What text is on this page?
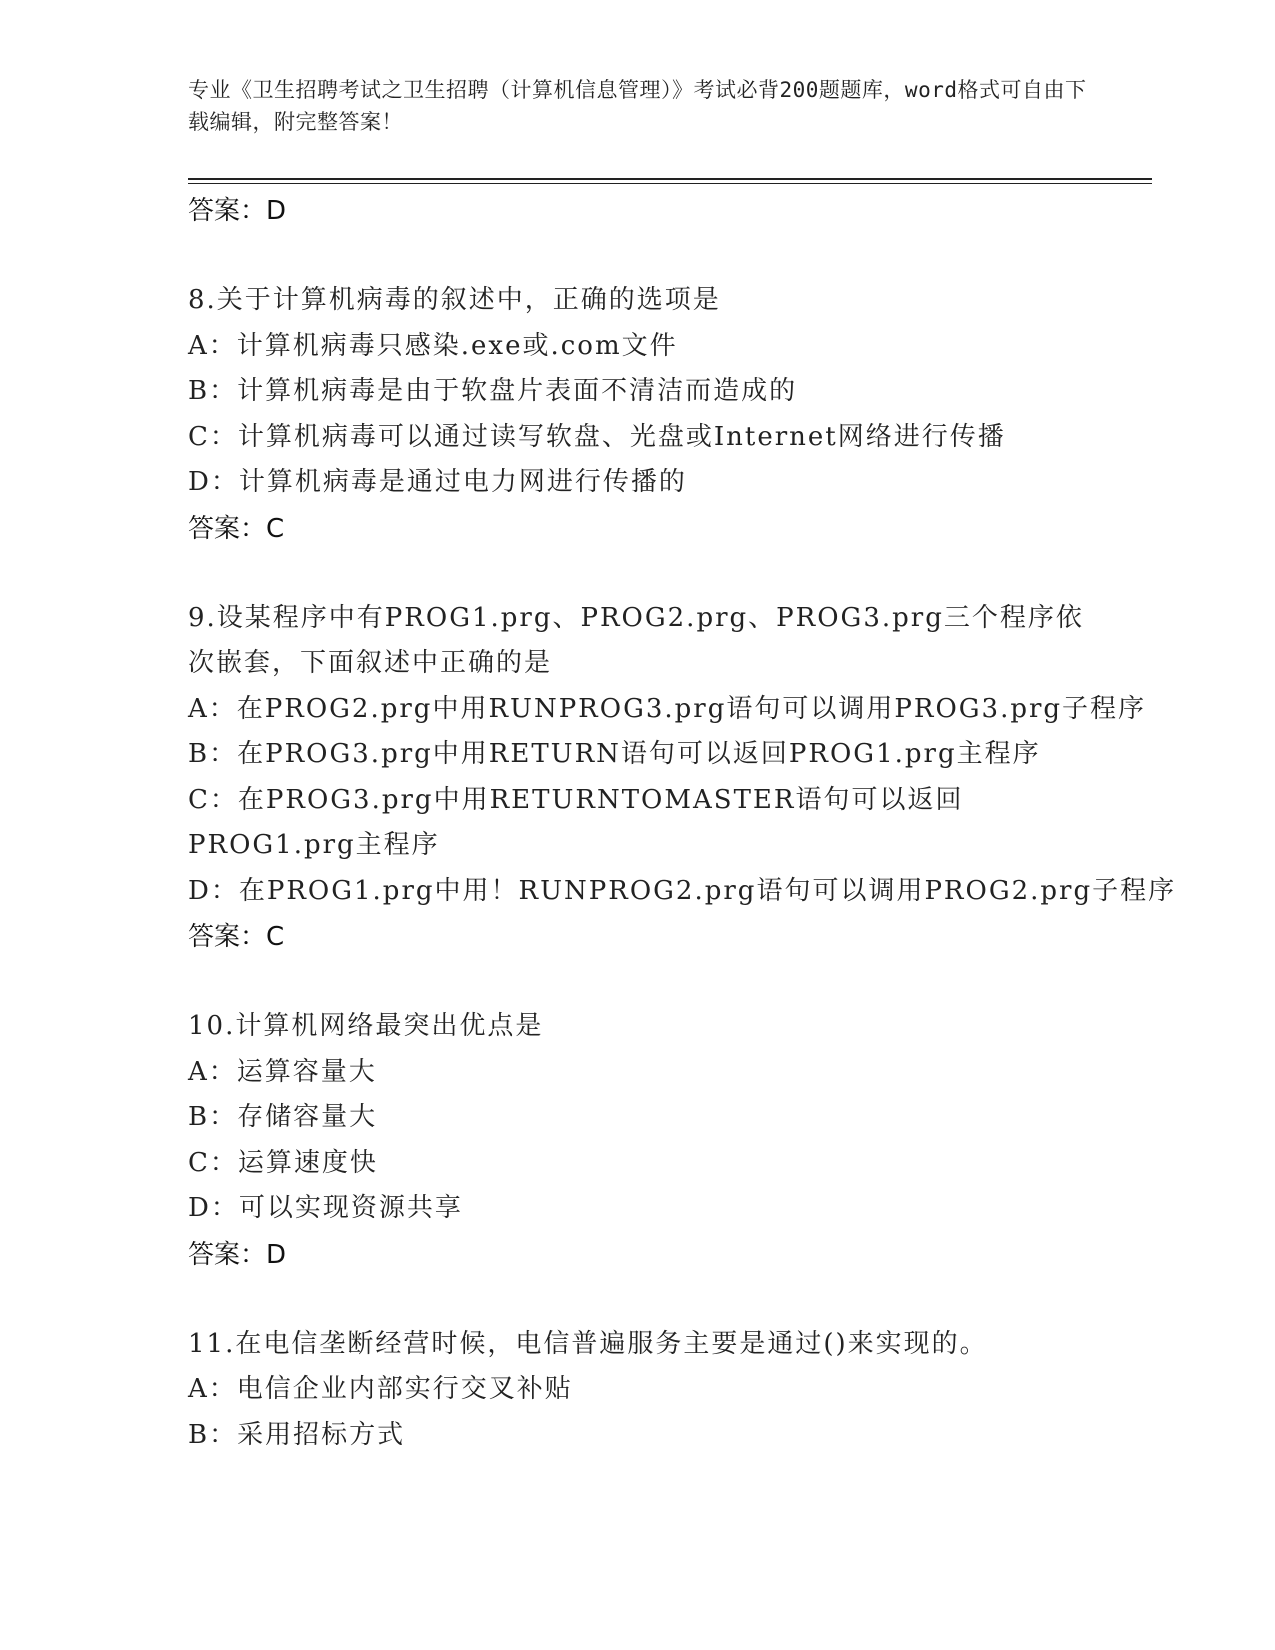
专业《卫生招聘考试之卫生招聘（计算机信息管理）》考试必背200题题库，word格式可自由下载编辑，附完整答案！
答案：D
8.关于计算机病毒的叙述中，正确的选项是
A：计算机病毒只感染.exe或.com文件
B：计算机病毒是由于软盘片表面不清洁而造成的
C：计算机病毒可以通过读写软盘、光盘或Internet网络进行传播
D：计算机病毒是通过电力网进行传播的
答案：C
9.设某程序中有PROG1.prg、PROG2.prg、PROG3.prg三个程序依次嵌套，下面叙述中正确的是
A：在PROG2.prg中用RUNPROG3.prg语句可以调用PROG3.prg子程序
B：在PROG3.prg中用RETURN语句可以返回PROG1.prg主程序
C：在PROG3.prg中用RETURNTOMASTER语句可以返回PROG1.prg主程序
D：在PROG1.prg中用！RUNPROG2.prg语句可以调用PROG2.prg子程序
答案：C
10.计算机网络最突出优点是
A：运算容量大
B：存储容量大
C：运算速度快
D：可以实现资源共享
答案：D
11.在电信垄断经营时候，电信普遍服务主要是通过()来实现的。
A：电信企业内部实行交叉补贴
B：采用招标方式
